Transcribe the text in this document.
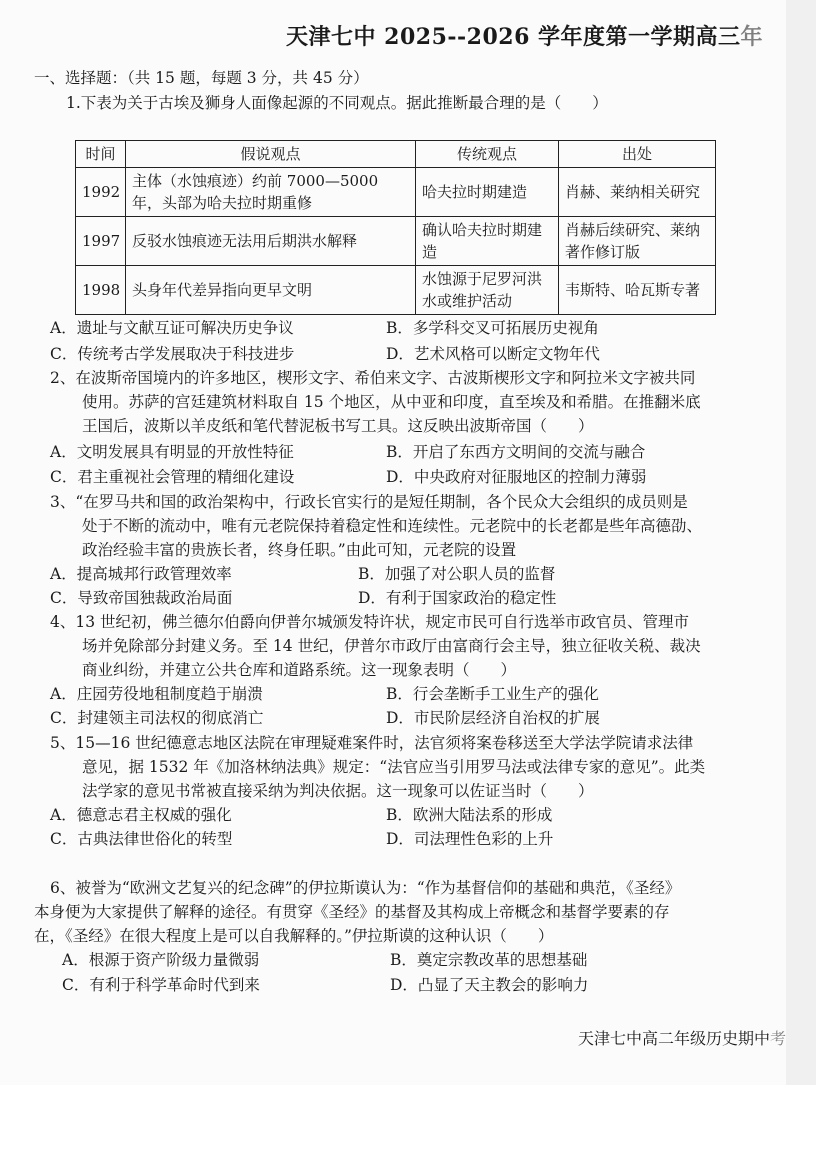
天津七中 2025--2026 学年度第一学期高三年
一、选择题：（共 15 题，每题 3 分，共 45 分）
1.下表为关于古埃及狮身人面像起源的不同观点。据此推断最合理的是（　　）
时间	假说观点	传统观点	出处
1992	主体（水蚀痕迹）约前 7000—5000 年，头部为哈夫拉时期重修	哈夫拉时期建造	肖赫、莱纳相关研究
1997	反驳水蚀痕迹无法用后期洪水解释	确认哈夫拉时期建造	肖赫后续研究、莱纳著作修订版
1998	头身年代差异指向更早文明	水蚀源于尼罗河洪水或维护活动	韦斯特、哈瓦斯专著
A．遗址与文献互证可解决历史争议	B．多学科交叉可拓展历史视角
C．传统考古学发展取决于科技进步	D．艺术风格可以断定文物年代
2、在波斯帝国境内的许多地区，楔形文字、希伯来文字、古波斯楔形文字和阿拉米文字被共同
使用。苏萨的宫廷建筑材料取自 15 个地区，从中亚和印度，直至埃及和希腊。在推翻米底
王国后，波斯以羊皮纸和笔代替泥板书写工具。这反映出波斯帝国（　　）
A．文明发展具有明显的开放性特征	B．开启了东西方文明间的交流与融合
C．君主重视社会管理的精细化建设	D．中央政府对征服地区的控制力薄弱
3、“在罗马共和国的政治架构中，行政长官实行的是短任期制，各个民众大会组织的成员则是
处于不断的流动中，唯有元老院保持着稳定性和连续性。元老院中的长老都是些年高德劭、
政治经验丰富的贵族长者，终身任职。”由此可知，元老院的设置
A．提高城邦行政管理效率	B．加强了对公职人员的监督
C．导致帝国独裁政治局面	D．有利于国家政治的稳定性
4、13 世纪初，佛兰德尔伯爵向伊普尔城颁发特许状，规定市民可自行选举市政官员、管理市
场并免除部分封建义务。至 14 世纪，伊普尔市政厅由富商行会主导，独立征收关税、裁决
商业纠纷，并建立公共仓库和道路系统。这一现象表明（　　）
A．庄园劳役地租制度趋于崩溃	B．行会垄断手工业生产的强化
C．封建领主司法权的彻底消亡	D．市民阶层经济自治权的扩展
5、15—16 世纪德意志地区法院在审理疑难案件时，法官须将案卷移送至大学法学院请求法律
意见，据 1532 年《加洛林纳法典》规定：“法官应当引用罗马法或法律专家的意见”。此类
法学家的意见书常被直接采纳为判决依据。这一现象可以佐证当时（　　）
A．德意志君主权威的强化	B．欧洲大陆法系的形成
C．古典法律世俗化的转型	D．司法理性色彩的上升
6、被誉为“欧洲文艺复兴的纪念碑”的伊拉斯谟认为：“作为基督信仰的基础和典范，《圣经》
本身便为大家提供了解释的途径。有贯穿《圣经》的基督及其构成上帝概念和基督学要素的存
在，《圣经》在很大程度上是可以自我解释的。”伊拉斯谟的这种认识（　　）
A．根源于资产阶级力量微弱	B．奠定宗教改革的思想基础
C．有利于科学革命时代到来	D．凸显了天主教会的影响力
天津七中高二年级历史期中考
